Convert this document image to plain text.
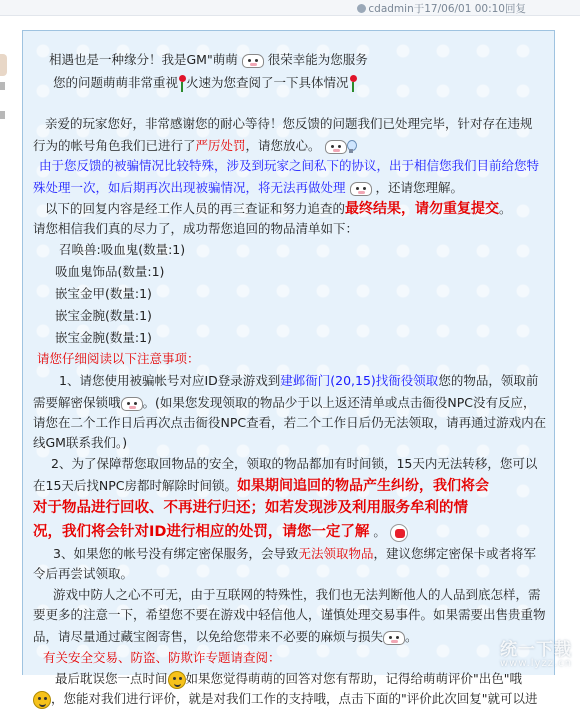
cdadmin于17/06/01 00:10回复
相遇也是一种缘分！我是GM"萌萌 很荣幸能为您服务
您的问题萌萌非常重视 火速为您查阅了一下具体情况
亲爱的玩家您好，非常感谢您的耐心等待！您反馈的问题我们已处理完毕，针对存在违规
行为的帐号角色我们已进行了严厉处罚，请您放心。
由于您反馈的被骗情况比较特殊，涉及到玩家之间私下的协议，出于相信您我们目前给您特
殊处理一次，如后期再次出现被骗情况，将无法再做处理 ，还请您理解。
以下的回复内容是经工作人员的再三查证和努力追查的最终结果，请勿重复提交。
请您相信我们真的尽力了，成功帮您追回的物品清单如下：
召唤兽:吸血鬼(数量:1)
吸血鬼饰品(数量:1)
嵌宝金甲(数量:1)
嵌宝金腕(数量:1)
嵌宝金腕(数量:1)
请您仔细阅读以下注意事项：
1、请您使用被骗帐号对应ID登录游戏到建邺衙门(20,15)找衙役领取您的物品，领取前
需要解密保锁哦 。(如果您发现领取的物品少于以上返还清单或点击衙役NPC没有反应，
请您在二个工作日后再次点击衙役NPC查看，若二个工作日后仍无法领取，请再通过游戏内在
线GM联系我们。)
2、为了保障帮您取回物品的安全，领取的物品都加有时间锁，15天内无法转移，您可以
在15天后找NPC房都时解除时间锁。如果期间追回的物品产生纠纷，我们将会
对于物品进行回收、不再进行归还；如若发现涉及利用服务牟利的情
况，我们将会针对ID进行相应的处罚，请您一定了解 。
3、如果您的帐号没有绑定密保服务，会导致无法领取物品，建议您绑定密保卡或者将军
令后再尝试领取。
游戏中防人之心不可无，由于互联网的特殊性，我们也无法判断他人的人品到底怎样，需
要更多的注意一下，希望您不要在游戏中轻信他人，谨慎处理交易事件。如果需要出售贵重物
品，请尽量通过藏宝阁寄售，以免给您带来不必要的麻烦与损失 。
有关安全交易、防盗、防欺诈专题请查阅：
最后耽误您一点时间 如果您觉得萌萌的回答对您有帮助，记得给萌萌评价"出色"哦
，您能对我们进行评价，就是对我们工作的支持哦，点击下面的"评价此次回复"就可以进
统一下载
www.lyzz.cn
